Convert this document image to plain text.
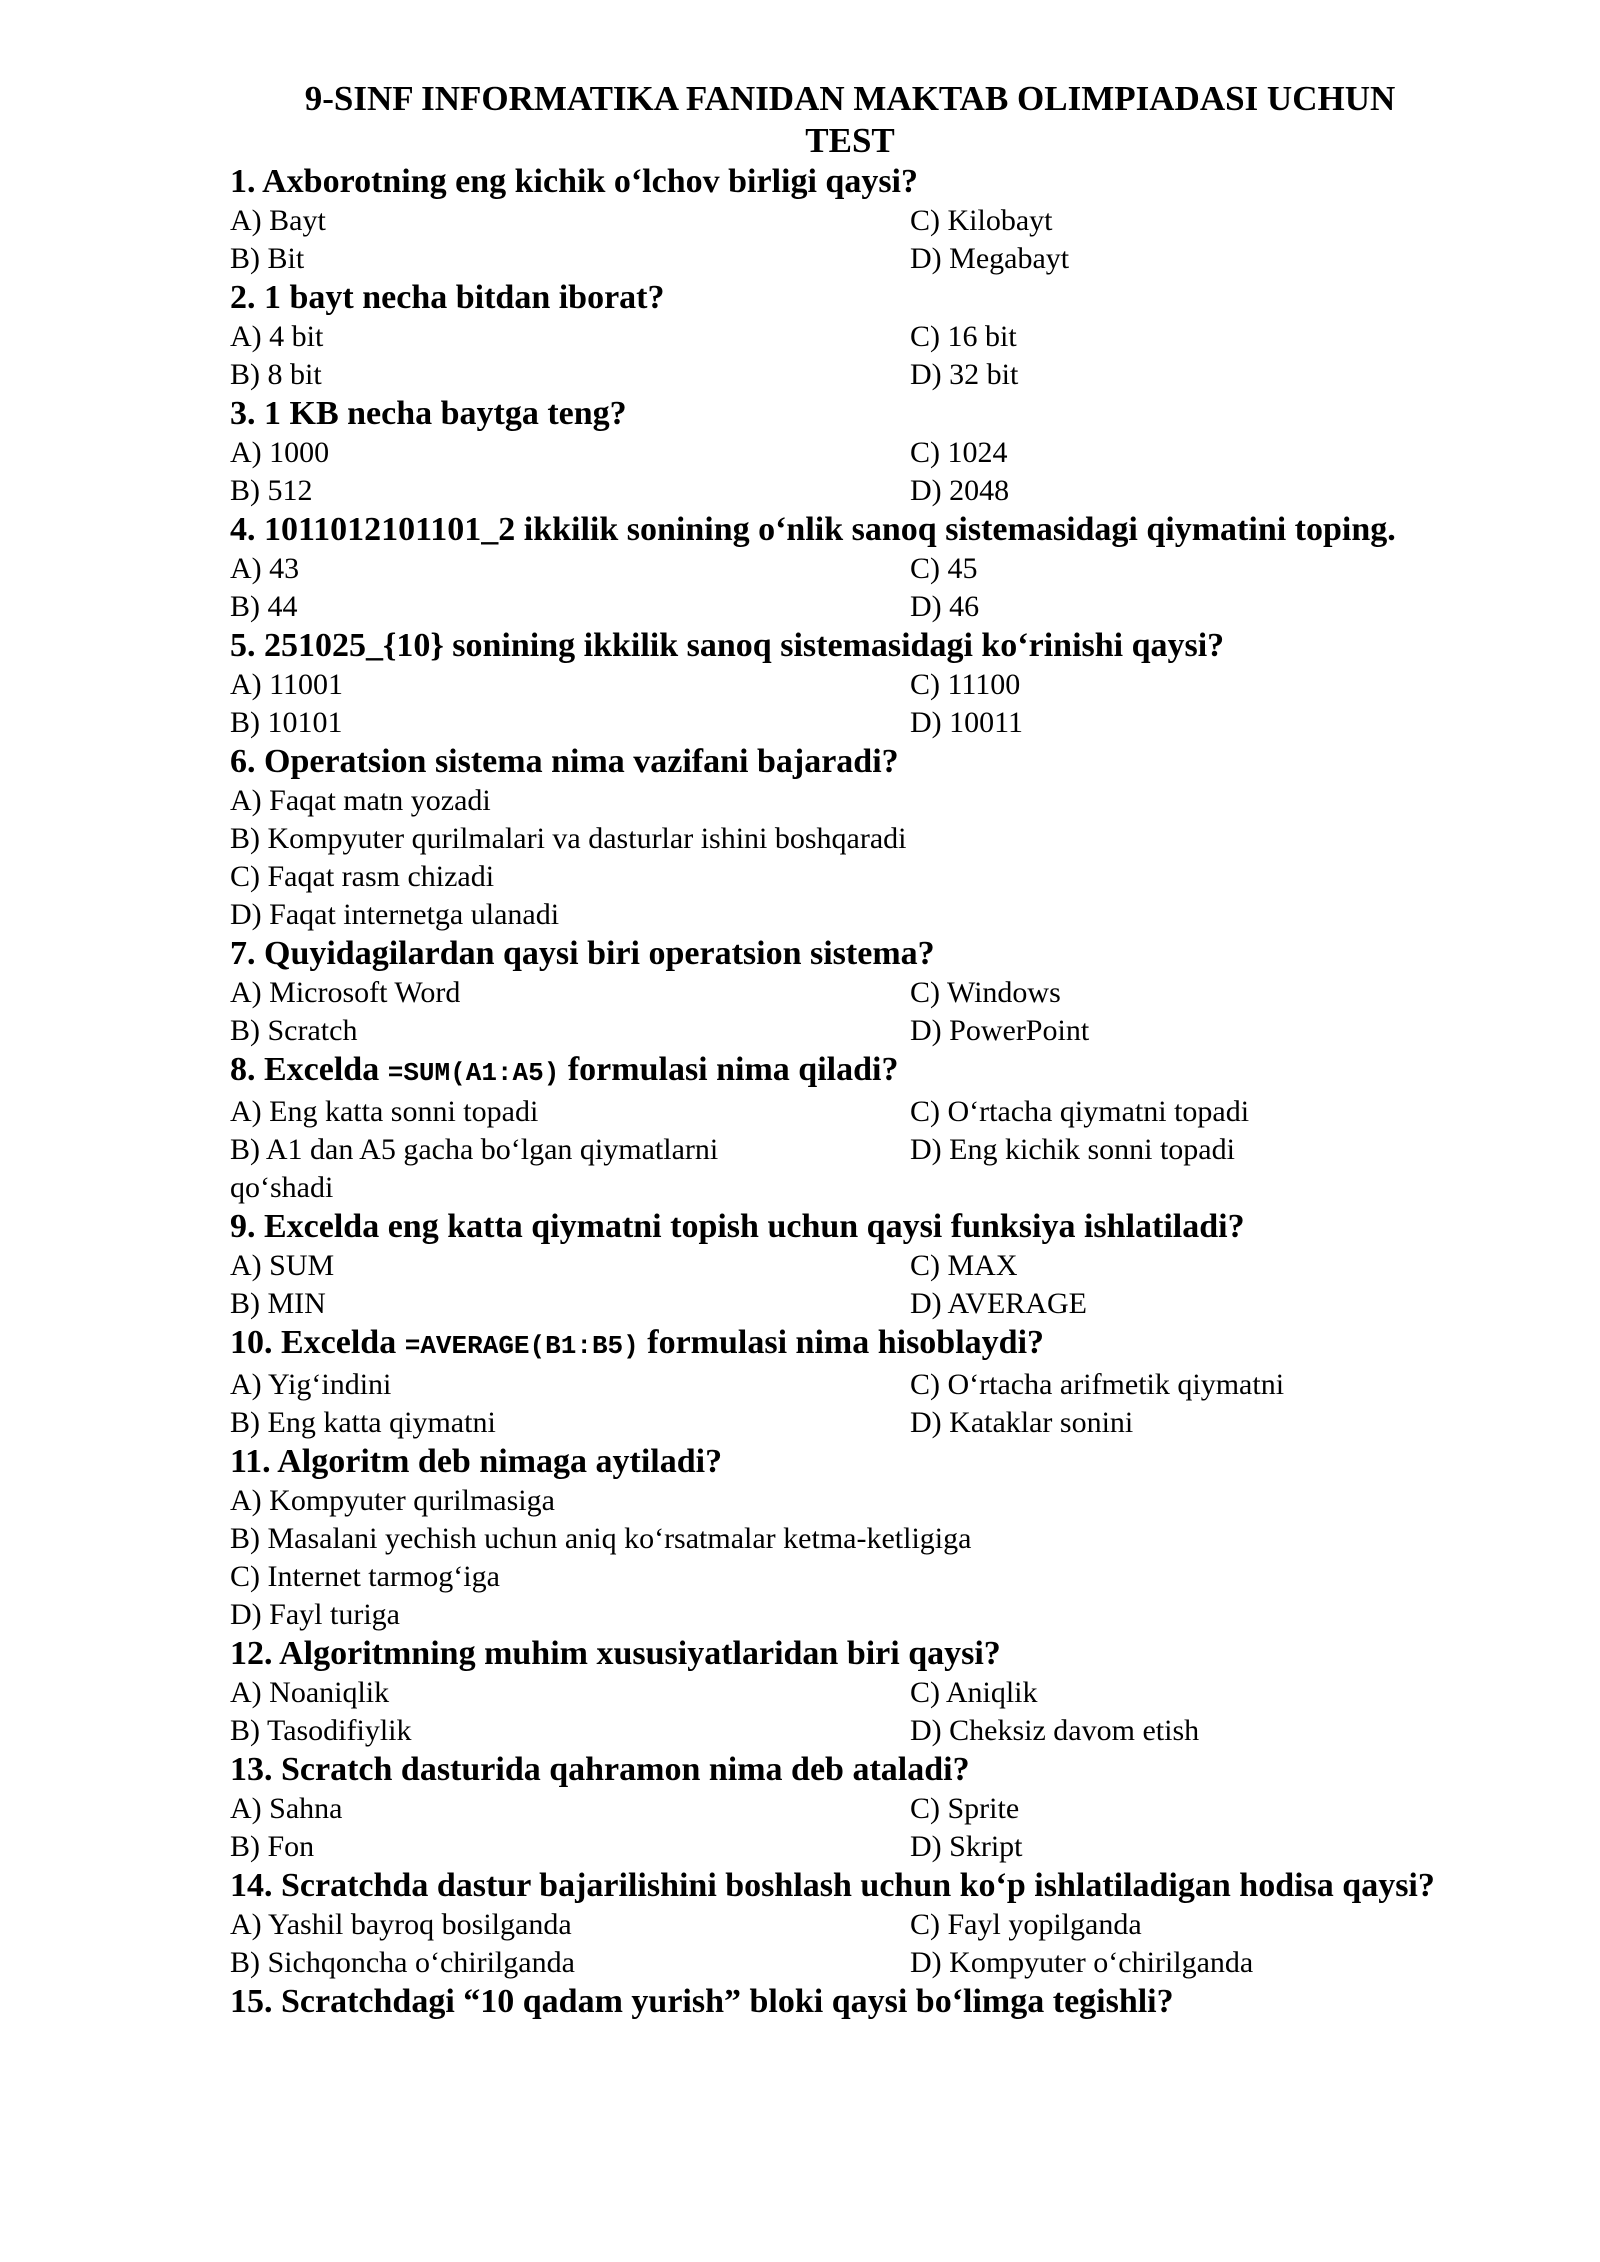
9-SINF INFORMATIKA FANIDAN MAKTAB OLIMPIADASI UCHUN
TEST
1. Axborotning eng kichik o‘lchov birligi qaysi?
A) Bayt	C) Kilobayt
B) Bit	D) Megabayt
2. 1 bayt necha bitdan iborat?
A) 4 bit	C) 16 bit
B) 8 bit	D) 32 bit
3. 1 KB necha baytga teng?
A) 1000	C) 1024
B) 512	D) 2048
4. 1011012101101_2 ikkilik sonining o‘nlik sanoq sistemasidagi qiymatini toping.
A) 43	C) 45
B) 44	D) 46
5. 251025_{10} sonining ikkilik sanoq sistemasidagi ko‘rinishi qaysi?
A) 11001	C) 11100
B) 10101	D) 10011
6. Operatsion sistema nima vazifani bajaradi?
A) Faqat matn yozadi
B) Kompyuter qurilmalari va dasturlar ishini boshqaradi
C) Faqat rasm chizadi
D) Faqat internetga ulanadi
7. Quyidagilardan qaysi biri operatsion sistema?
A) Microsoft Word	C) Windows
B) Scratch	D) PowerPoint
8. Excelda =SUM(A1:A5) formulasi nima qiladi?
A) Eng katta sonni topadi	C) O‘rtacha qiymatni topadi
B) A1 dan A5 gacha bo‘lgan qiymatlarni qo‘shadi
D) Eng kichik sonni topadi
9. Excelda eng katta qiymatni topish uchun qaysi funksiya ishlatiladi?
A) SUM	C) MAX
B) MIN	D) AVERAGE
10. Excelda =AVERAGE(B1:B5) formulasi nima hisoblaydi?
A) Yig‘indini	C) O‘rtacha arifmetik qiymatni
B) Eng katta qiymatni	D) Kataklar sonini
11. Algoritm deb nimaga aytiladi?
A) Kompyuter qurilmasiga
B) Masalani yechish uchun aniq ko‘rsatmalar ketma-ketligiga
C) Internet tarmog‘iga
D) Fayl turiga
12. Algoritmning muhim xususiyatlaridan biri qaysi?
A) Noaniqlik	C) Aniqlik
B) Tasodifiylik	D) Cheksiz davom etish
13. Scratch dasturida qahramon nima deb ataladi?
A) Sahna	C) Sprite
B) Fon	D) Skript
14. Scratchda dastur bajarilishini boshlash uchun ko‘p ishlatiladigan hodisa qaysi?
A) Yashil bayroq bosilganda	C) Fayl yopilganda
B) Sichqoncha o‘chirilganda	D) Kompyuter o‘chirilganda
15. Scratchdagi “10 qadam yurish” bloki qaysi bo‘limga tegishli?
